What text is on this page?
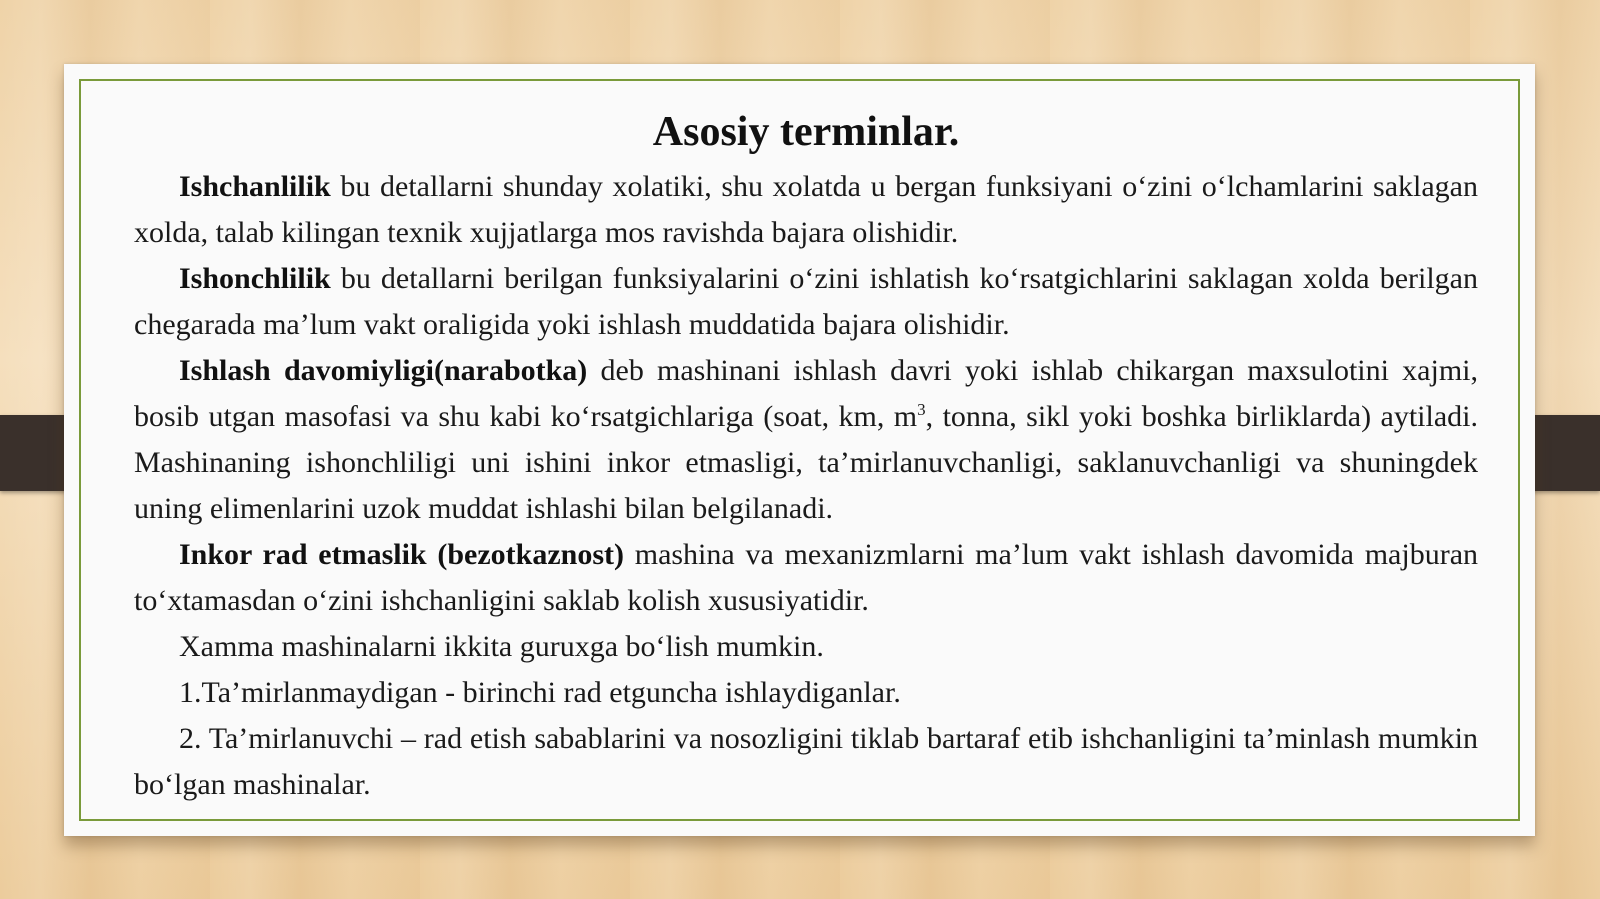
Asosiy terminlar.

Ishchanlilik bu detallarni shunday xolatiki, shu xolatda u bergan funksiyani o‘zini o‘lchamlarini saklagan xolda, talab kilingan texnik xujjatlarga mos ravishda bajara olishidir.

Ishonchlilik bu detallarni berilgan funksiyalarini o‘zini ishlatish ko‘rsatgichlarini saklagan xolda berilgan chegarada ma’lum vakt oraligida yoki ishlash muddatida bajara olishidir.

Ishlash davomiyligi(narabotka) deb mashinani ishlash davri yoki ishlab chikargan maxsulotini xajmi, bosib utgan masofasi va shu kabi ko‘rsatgichlariga (soat, km, $m^3$, tonna, sikl yoki boshka birliklarda) aytiladi. Mashinaning ishonchliligi uni ishini inkor etmasligi, ta’mirlanuvchanligi, saklanuvchanligi va shuningdek uning elimenlarini uzok muddat ishlashi bilan belgilanadi.

Inkor rad etmaslik (bezotkaznost) mashina va mexanizmlarni ma’lum vakt ishlash davomida majburan to‘xtamasdan o‘zini ishchanligini saklab kolish xususiyatidir.

Xamma mashinalarni ikkita guruxga bo‘lish mumkin.

1.Ta’mirlanmaydigan - birinchi rad etguncha ishlaydiganlar.

2. Ta’mirlanuvchi – rad etish sabablarini va nosozligini tiklab bartaraf etib ishchanligini ta’minlash mumkin bo‘lgan mashinalar.
